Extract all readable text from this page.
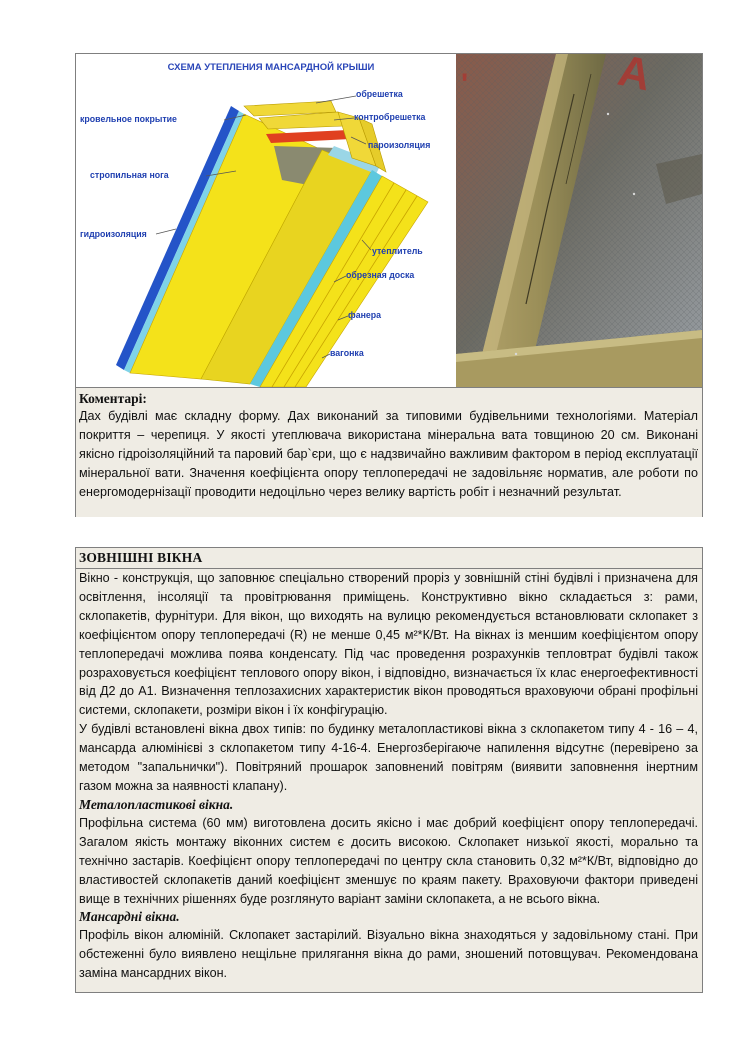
СХЕМА УТЕПЛЕНИЯ МАНСАРДНОЙ КРЫШИ
обрешетка
кровельное покрытие	контробрешетка
пароизоляция
стропильная нога
гидроизоляция
утеплитель
обрезная доска
фанера
вагонка
A
'
Коментарі:
Дах будівлі має складну форму. Дах виконаний за типовими будівельними технологіями. Матеріал покриття – черепиця. У якості утеплювача використана мінеральна вата товщиною 20 см. Виконані якісно гідроізоляційний та паровий бар`єри, що є надзвичайно важливим фактором в період експлуатації мінеральної вати. Значення коефіцієнта опору теплопередачі не задовільняє норматив, але роботи по енергомодернізації проводити недоцільно через велику вартість робіт і незначний результат.
ЗОВНІШНІ ВІКНА
Вікно - конструкція, що заповнює спеціально створений проріз у зовнішній стіні будівлі і призначена для освітлення, інсоляції та провітрювання приміщень. Конструктивно вікно складається з: рами, склопакетів, фурнітури. Для вікон, що виходять на вулицю рекомендується встановлювати склопакет з коефіцієнтом опору теплопередачі (R) не менше 0,45 м²*К/Вт. На вікнах із меншим коефіцієнтом опору теплопередачі можлива поява конденсату. Під час проведення розрахунків тепловтрат будівлі також розраховується коефіцієнт теплового опору вікон, і відповідно, визначається їх клас енергоефективності від Д2 до А1. Визначення теплозахисних характеристик вікон проводяться враховуючи обрані профільні системи, склопакети, розміри вікон і їх конфігурацію.
У будівлі встановлені вікна двох типів: по будинку металопластикові вікна з склопакетом типу 4 - 16 – 4, мансарда алюмінієві з склопакетом типу 4-16-4. Енергозберігаюче напилення відсутнє (перевірено за методом "запальнички"). Повітряний прошарок заповнений повітрям (виявити заповнення інертним газом можна за наявності клапану).
Металопластикові вікна.
Профільна система (60 мм) виготовлена досить якісно і має добрий коефіцієнт опору теплопередачі. Загалом якість монтажу віконних систем є досить високою. Склопакет низької якості, морально та технічно застарів. Коефіцієнт опору теплопередачі по центру скла становить 0,32 м²*К/Вт, відповідно до властивостей склопакетів даний коефіцієнт зменшує по краям пакету. Враховуючи фактори приведені вище в технічних рішеннях буде розглянуто варіант заміни склопакета, а не всього вікна.
Мансардні вікна.
Профіль вікон алюміній. Склопакет застарілий. Візуально вікна знаходяться у задовільному стані. При обстеженні було виявлено нещільне прилягання вікна до рами, зношений потовщувач. Рекомендована заміна мансардних вікон.
